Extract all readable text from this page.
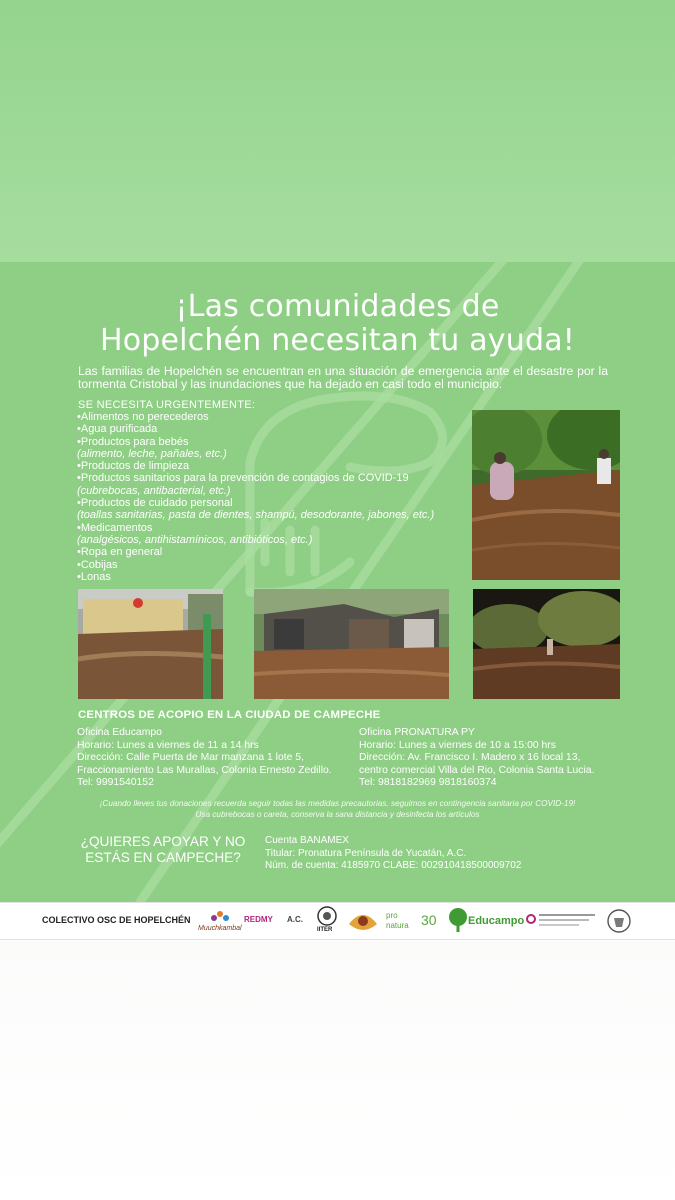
¡Las comunidades de
Hopelchén necesitan tu ayuda!
Las familias de Hopelchén se encuentran en una situación de emergencia ante el desastre por la tormenta Cristobal y las inundaciones que ha dejado en casi todo el municipio.
SE NECESITA URGENTEMENTE:
•Alimentos no perecederos
•Agua purificada
•Productos para bebés
(alimento, leche, pañales, etc.)
•Productos de limpieza
•Productos sanitarios para la prevención de contagios de COVID-19
(cubrebocas, antibacterial, etc.)
•Productos de cuidado personal
(toallas sanitarias, pasta de dientes, shampú, desodorante, jabones, etc.)
•Medicamentos
(analgésicos, antihistamínicos, antibióticos, etc.)
•Ropa en general
•Cobijas
•Lonas
CENTROS DE ACOPIO EN LA CIUDAD DE CAMPECHE
Oficina Educampo
Horario: Lunes a viernes de 11 a 14 hrs
Dirección: Calle Puerta de Mar manzana 1 lote 5,
Fraccionamiento Las Murallas, Colonia Ernesto Zedillo.
Tel: 9991540152
Oficina PRONATURA PY
Horario: Lunes a viernes de 10 a 15:00 hrs
Dirección: Av. Francisco I. Madero x 16 local 13,
centro comercial Villa del Rio, Colonia Santa Lucia.
Tel: 9818182969 9818160374
¡Cuando lleves tus donaciones recuerda seguir todas las medidas precautorias, seguimos en contingencia sanitaria por COVID-19!
Usa cubrebocas o careta, conserva la sana distancia y desinfecta los artículos
¿QUIERES APOYAR Y NO
ESTÁS EN CAMPECHE?
Cuenta BANAMEX
Titular: Pronatura Península de Yucatán, A.C.
Núm. de cuenta: 4185970 CLABE: 002910418500009702
COLECTIVO OSC DE HOPELCHÉN
Muuchkambal
REDMY A.C.
IITER
pro
natura 30	Educampo
